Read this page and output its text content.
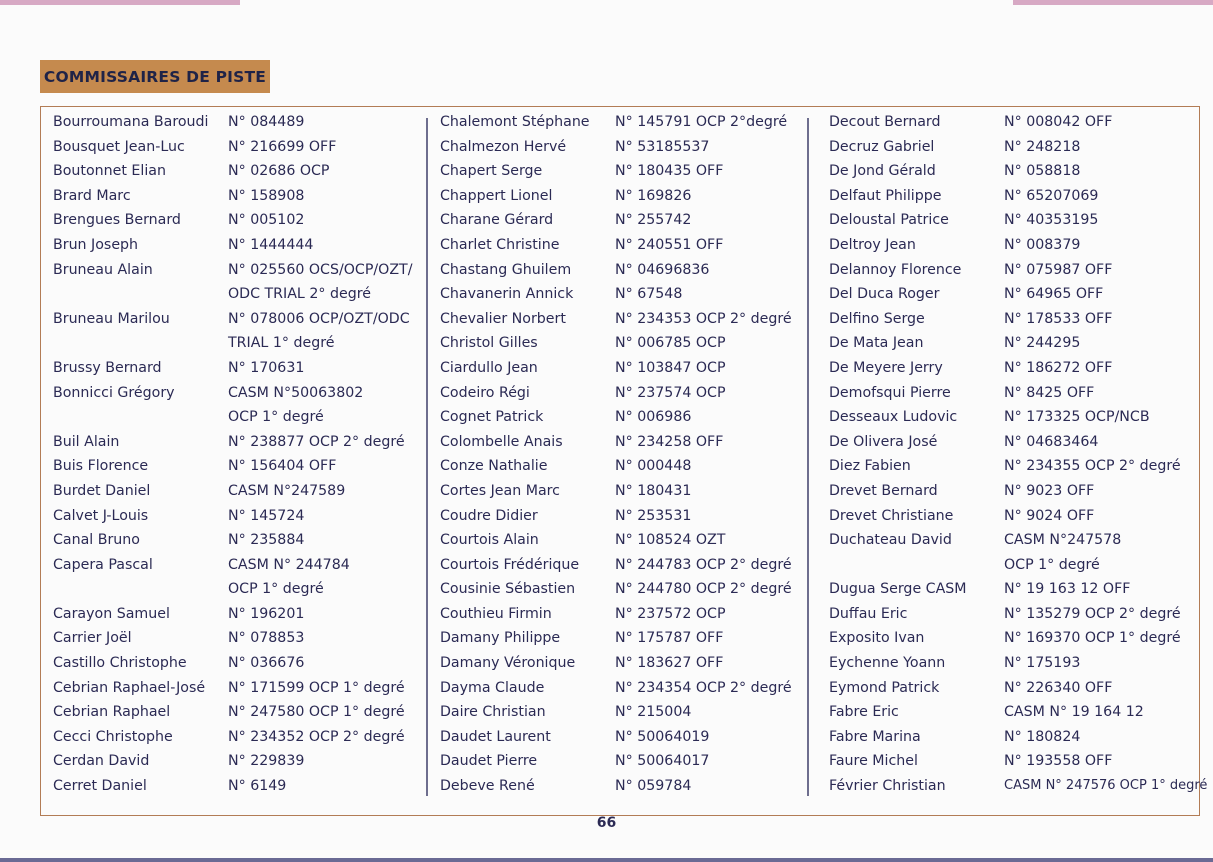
COMMISSAIRES DE PISTE
Bourroumana Baroudi N° 084489
Bousquet Jean-Luc	N° 216699 OFF
Boutonnet Elian	N° 02686 OCP
Brard Marc	N° 158908
Brengues Bernard	N° 005102
Brun Joseph	N° 1444444
Bruneau Alain	N° 025560 OCS/OCP/OZT/
ODC TRIAL 2° degré
Bruneau Marilou	N° 078006 OCP/OZT/ODC
TRIAL 1° degré
Brussy Bernard	N° 170631
Bonnicci Grégory	CASM N°50063802
OCP 1° degré
Buil Alain	N° 238877 OCP 2° degré
Buis Florence	N° 156404 OFF
Burdet Daniel	CASM N°247589
Calvet J-Louis	N° 145724
Canal Bruno	N° 235884
Capera Pascal	CASM N° 244784
OCP 1° degré
Carayon Samuel	N° 196201
Carrier Joël	N° 078853
Castillo Christophe	N° 036676
Cebrian Raphael-José N° 171599 OCP 1° degré
Cebrian Raphael	N° 247580 OCP 1° degré
Cecci Christophe	N° 234352 OCP 2° degré
Cerdan David	N° 229839
Cerret Daniel	N° 6149
Chalemont Stéphane N° 145791 OCP 2°degré
Chalmezon Hervé	N° 53185537
Chapert Serge	N° 180435 OFF
Chappert Lionel	N° 169826
Charane Gérard	N° 255742
Charlet Christine	N° 240551 OFF
Chastang Ghuilem	N° 04696836
Chavanerin Annick	N° 67548
Chevalier Norbert	N° 234353 OCP 2° degré
Christol Gilles	N° 006785 OCP
Ciardullo Jean	N° 103847 OCP
Codeiro Régi	N° 237574 OCP
Cognet Patrick	N° 006986
Colombelle Anais	N° 234258 OFF
Conze Nathalie	N° 000448
Cortes Jean Marc	N° 180431
Coudre Didier	N° 253531
Courtois Alain	N° 108524 OZT
Courtois Frédérique	N° 244783 OCP 2° degré
Cousinie Sébastien	N° 244780 OCP 2° degré
Couthieu Firmin	N° 237572 OCP
Damany Philippe	N° 175787 OFF
Damany Véronique	N° 183627 OFF
Dayma Claude	N° 234354 OCP 2° degré
Daire Christian	N° 215004
Daudet Laurent	N° 50064019
Daudet Pierre	N° 50064017
Debeve René	N° 059784
Decout Bernard	N° 008042 OFF
Decruz Gabriel	N° 248218
De Jond Gérald	N° 058818
Delfaut Philippe	N° 65207069
Deloustal Patrice	N° 40353195
Deltroy Jean	N° 008379
Delannoy Florence	N° 075987 OFF
Del Duca Roger	N° 64965 OFF
Delfino Serge	N° 178533 OFF
De Mata Jean	N° 244295
De Meyere Jerry	N° 186272 OFF
Demofsqui Pierre	N° 8425 OFF
Desseaux Ludovic	N° 173325 OCP/NCB
De Olivera José	N° 04683464
Diez Fabien	N° 234355 OCP 2° degré
Drevet Bernard	N° 9023 OFF
Drevet Christiane	N° 9024 OFF
Duchateau David	CASM N°247578
OCP 1° degré
Dugua Serge CASM	N° 19 163 12 OFF
Duffau Eric	N° 135279 OCP 2° degré
Exposito Ivan	N° 169370 OCP 1° degré
Eychenne Yoann	N° 175193
Eymond Patrick	N° 226340 OFF
Fabre Eric	CASM N° 19 164 12
Fabre Marina	N° 180824
Faure Michel	N° 193558 OFF
Février Christian	CASM N° 247576 OCP 1° degré
66
